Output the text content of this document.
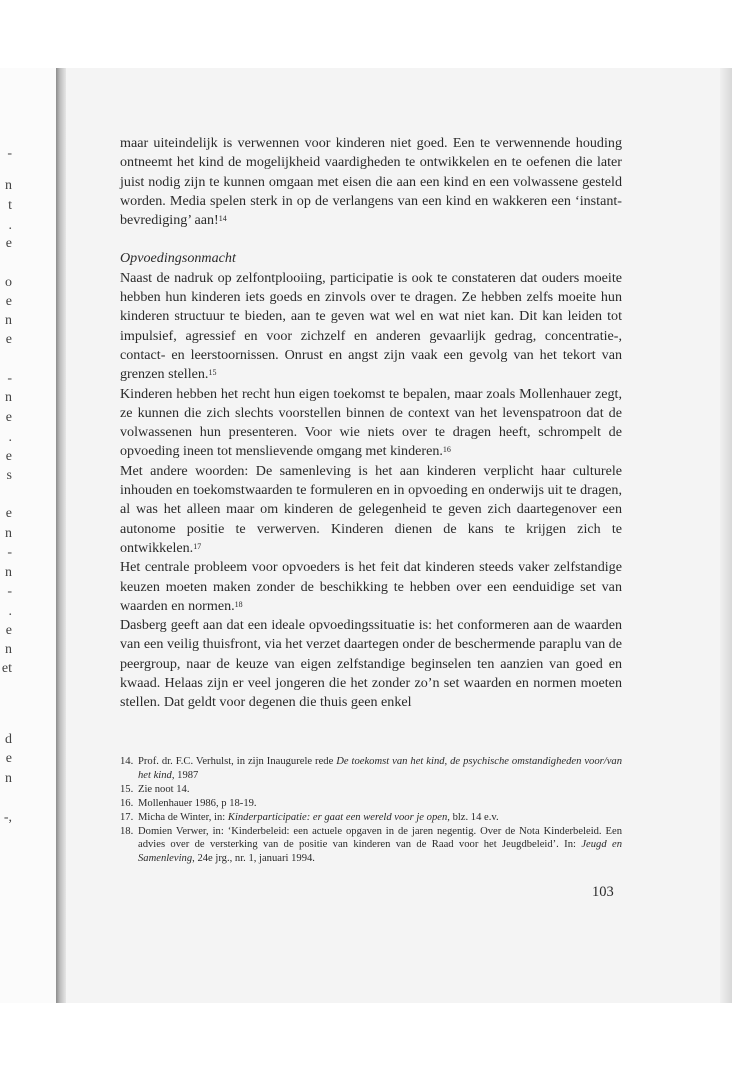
-
n
t
.
e
o
e
n
e
-
n
e
.
e
s
e
n
-
n
-
.
e
n
et
d
e
n
-,

maar uiteindelijk is verwennen voor kinderen niet goed. Een te verwennende houding ontneemt het kind de mogelijkheid vaardigheden te ontwikkelen en te oefenen die later juist nodig zijn te kunnen omgaan met eisen die aan een kind en een volwassene gesteld worden. Media spelen sterk in op de verlangens van een kind en wakkeren een ‘instant-bevrediging’ aan!$^{14}$

Opvoedingsonmacht

Naast de nadruk op zelfontplooiing, participatie is ook te constateren dat ouders moeite hebben hun kinderen iets goeds en zinvols over te dragen. Ze hebben zelfs moeite hun kinderen structuur te bieden, aan te geven wat wel en wat niet kan. Dit kan leiden tot impulsief, agressief en voor zichzelf en anderen gevaarlijk gedrag, concentratie-, contact- en leerstoornissen. Onrust en angst zijn vaak een gevolg van het tekort van grenzen stellen.$^{15}$

Kinderen hebben het recht hun eigen toekomst te bepalen, maar zoals Mollenhauer zegt, ze kunnen die zich slechts voorstellen binnen de context van het levenspatroon dat de volwassenen hun presenteren. Voor wie niets over te dragen heeft, schrompelt de opvoeding ineen tot menslievende omgang met kinderen.$^{16}$

Met andere woorden: De samenleving is het aan kinderen verplicht haar culturele inhouden en toekomstwaarden te formuleren en in opvoeding en onderwijs uit te dragen, al was het alleen maar om kinderen de gelegenheid te geven zich daartegenover een autonome positie te verwerven. Kinderen dienen de kans te krijgen zich te ontwikkelen.$^{17}$

Het centrale probleem voor opvoeders is het feit dat kinderen steeds vaker zelfstandige keuzen moeten maken zonder de beschikking te hebben over een eenduidige set van waarden en normen.$^{18}$

Dasberg geeft aan dat een ideale opvoedingssituatie is: het conformeren aan de waarden van een veilig thuisfront, via het verzet daartegen onder de beschermende paraplu van de peergroup, naar de keuze van eigen zelfstandige beginselen ten aanzien van goed en kwaad. Helaas zijn er veel jongeren die het zonder zo’n set waarden en normen moeten stellen. Dat geldt voor degenen die thuis geen enkel

14. Prof. dr. F.C. Verhulst, in zijn Inaugurele rede De toekomst van het kind, de psychische omstandigheden voor/van het kind, 1987
15. Zie noot 14.
16. Mollenhauer 1986, p 18-19.
17. Micha de Winter, in: Kinderparticipatie: er gaat een wereld voor je open, blz. 14 e.v.
18. Domien Verwer, in: ‘Kinderbeleid: een actuele opgaven in de jaren negentig. Over de Nota Kinderbeleid. Een advies over de versterking van de positie van kinderen van de Raad voor het Jeugdbeleid’. In: Jeugd en Samenleving, 24e jrg., nr. 1, januari 1994.
103
